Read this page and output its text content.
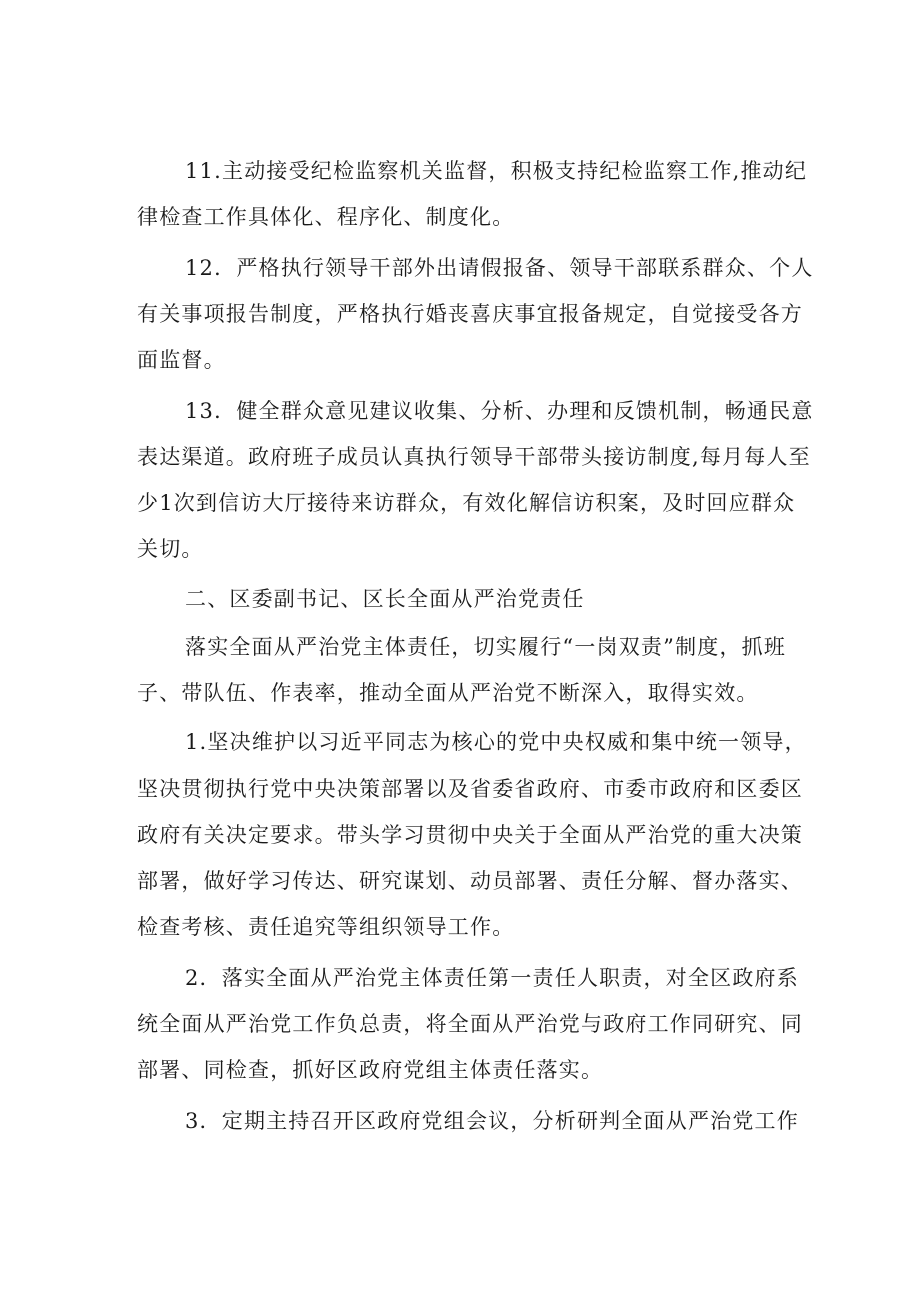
11.主动接受纪检监察机关监督，积极支持纪检监察工作,推动纪
律检查工作具体化、程序化、制度化。
12．严格执行领导干部外出请假报备、领导干部联系群众、个人
有关事项报告制度，严格执行婚丧喜庆事宜报备规定，自觉接受各方
面监督。
13．健全群众意见建议收集、分析、办理和反馈机制，畅通民意
表达渠道。政府班子成员认真执行领导干部带头接访制度,每月每人至
少1次到信访大厅接待来访群众，有效化解信访积案，及时回应群众
关切。
二、区委副书记、区长全面从严治党责任
落实全面从严治党主体责任，切实履行“一岗双责”制度，抓班
子、带队伍、作表率，推动全面从严治党不断深入，取得实效。
1.坚决维护以习近平同志为核心的党中央权威和集中统一领导，
坚决贯彻执行党中央决策部署以及省委省政府、市委市政府和区委区
政府有关决定要求。带头学习贯彻中央关于全面从严治党的重大决策
部署，做好学习传达、研究谋划、动员部署、责任分解、督办落实、
检查考核、责任追究等组织领导工作。
2．落实全面从严治党主体责任第一责任人职责，对全区政府系
统全面从严治党工作负总责，将全面从严治党与政府工作同研究、同
部署、同检查，抓好区政府党组主体责任落实。
3．定期主持召开区政府党组会议，分析研判全面从严治党工作
